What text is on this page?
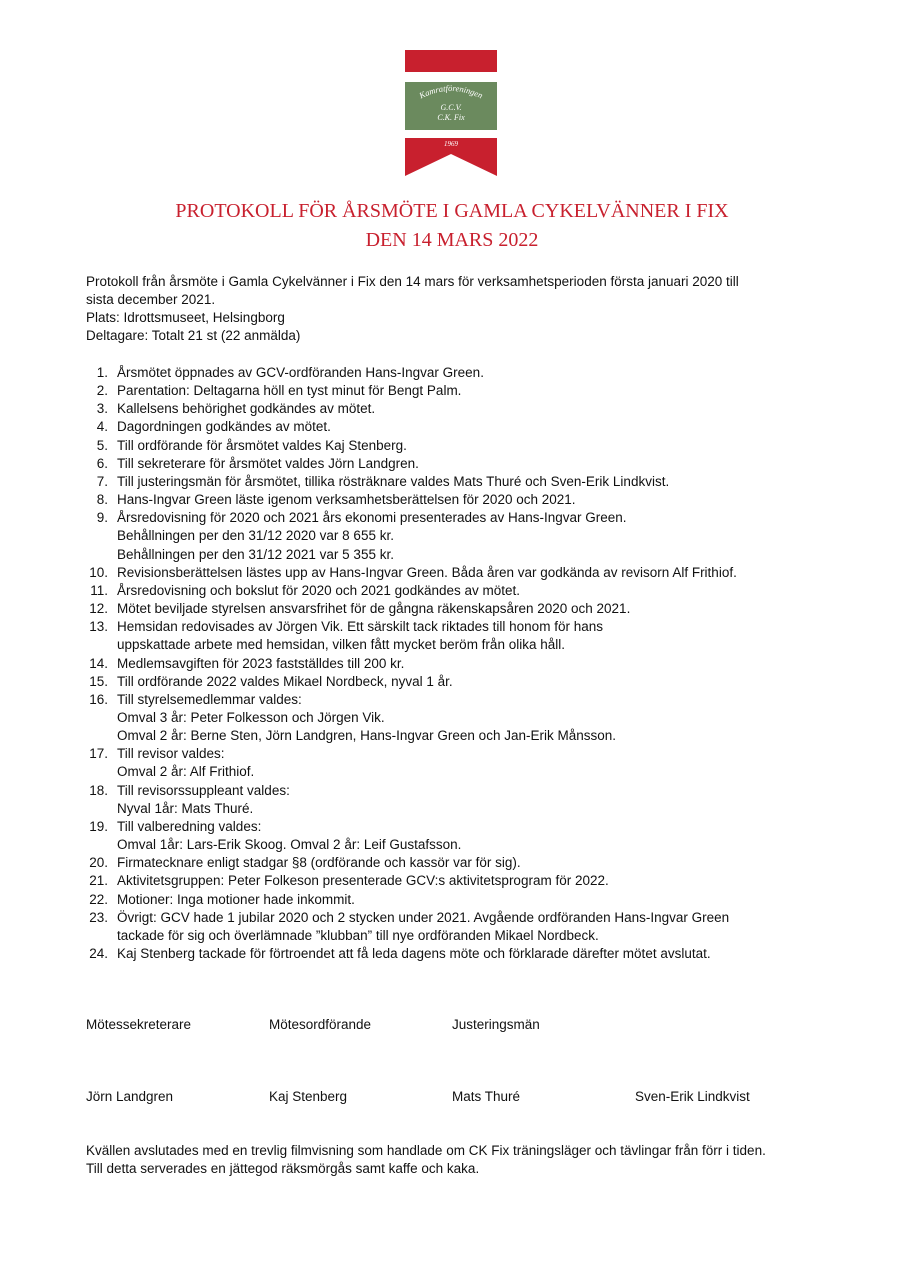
Kamratföreningen
G.C.V.
C.K. Fix
1969
PROTOKOLL FÖR ÅRSMÖTE I GAMLA CYKELVÄNNER I FIX
DEN 14 MARS 2022
Protokoll från årsmöte i Gamla Cykelvänner i Fix den 14 mars för verksamhetsperioden första januari 2020 till
sista december 2021.
Plats: Idrottsmuseet, Helsingborg
Deltagare: Totalt 21 st (22 anmälda)
1. Årsmötet öppnades av GCV-ordföranden Hans-Ingvar Green.
2. Parentation: Deltagarna höll en tyst minut för Bengt Palm.
3. Kallelsens behörighet godkändes av mötet.
4. Dagordningen godkändes av mötet.
5. Till ordförande för årsmötet valdes Kaj Stenberg.
6. Till sekreterare för årsmötet valdes Jörn Landgren.
7. Till justeringsmän för årsmötet, tillika rösträknare valdes Mats Thuré och Sven-Erik Lindkvist.
8. Hans-Ingvar Green läste igenom verksamhetsberättelsen för 2020 och 2021.
9. Årsredovisning för 2020 och 2021 års ekonomi presenterades av Hans-Ingvar Green.
Behållningen per den 31/12 2020 var 8 655 kr.
Behållningen per den 31/12 2021 var 5 355 kr.
10. Revisionsberättelsen lästes upp av Hans-Ingvar Green. Båda åren var godkända av revisorn Alf Frithiof.
11. Årsredovisning och bokslut för 2020 och 2021 godkändes av mötet.
12. Mötet beviljade styrelsen ansvarsfrihet för de gångna räkenskapsåren 2020 och 2021.
13. Hemsidan redovisades av Jörgen Vik. Ett särskilt tack riktades till honom för hans
uppskattade arbete med hemsidan, vilken fått mycket beröm från olika håll.
14. Medlemsavgiften för 2023 fastställdes till 200 kr.
15. Till ordförande 2022 valdes Mikael Nordbeck, nyval 1 år.
16. Till styrelsemedlemmar valdes:
Omval 3 år: Peter Folkesson och Jörgen Vik.
Omval 2 år: Berne Sten, Jörn Landgren, Hans-Ingvar Green och Jan-Erik Månsson.
17. Till revisor valdes:
Omval 2 år: Alf Frithiof.
18. Till revisorssuppleant valdes:
Nyval 1år: Mats Thuré.
19. Till valberedning valdes:
Omval 1år: Lars-Erik Skoog. Omval 2 år: Leif Gustafsson.
20. Firmatecknare enligt stadgar §8 (ordförande och kassör var för sig).
21. Aktivitetsgruppen: Peter Folkeson presenterade GCV:s aktivitetsprogram för 2022.
22. Motioner: Inga motioner hade inkommit.
23. Övrigt: GCV hade 1 jubilar 2020 och 2 stycken under 2021. Avgående ordföranden Hans-Ingvar Green
tackade för sig och överlämnade ”klubban” till nye ordföranden Mikael Nordbeck.
24. Kaj Stenberg tackade för förtroendet att få leda dagens möte och förklarade därefter mötet avslutat.
Mötessekreterare	Mötesordförande	Justeringsmän
Jörn Landgren	Kaj Stenberg	Mats Thuré	Sven-Erik Lindkvist
Kvällen avslutades med en trevlig filmvisning som handlade om CK Fix träningsläger och tävlingar från förr i tiden.
Till detta serverades en jättegod räksmörgås samt kaffe och kaka.
